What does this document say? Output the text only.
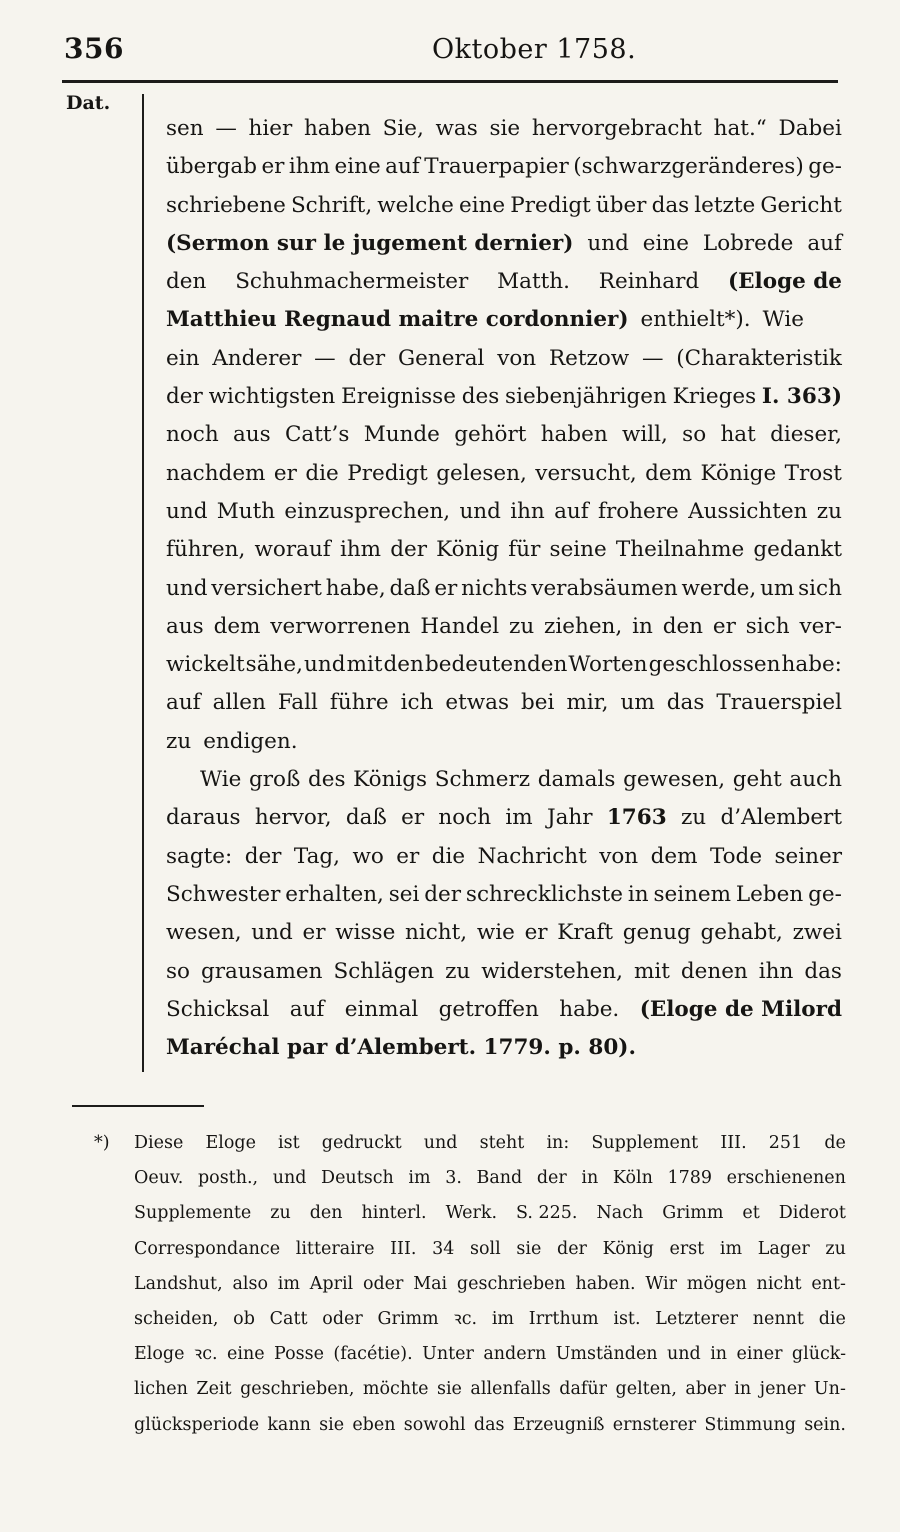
356	Oktober 1758.
Dat.
sen — hier haben Sie, was sie hervorgebracht hat.“ Dabei
übergab er ihm eine auf Trauerpapier (schwarzgeränderes) ge-
schriebene Schrift, welche eine Predigt über das letzte Gericht
(Sermon sur le jugement dernier) und eine Lobrede auf
den Schuhmachermeister Matth. Reinhard (Eloge de
Matthieu Regnaud maitre cordonnier) enthielt*). Wie
ein Anderer — der General von Retzow — (Charakteristik
der wichtigsten Ereignisse des siebenjährigen Krieges I. 363)
noch aus Catt’s Munde gehört haben will, so hat dieser,
nachdem er die Predigt gelesen, versucht, dem Könige Trost
und Muth einzusprechen, und ihn auf frohere Aussichten zu
führen, worauf ihm der König für seine Theilnahme gedankt
und versichert habe, daß er nichts verabsäumen werde, um sich
aus dem verworrenen Handel zu ziehen, in den er sich ver-
wickelt sähe, und mit den bedeutenden Worten geschlossen habe:
auf allen Fall führe ich etwas bei mir, um das Trauerspiel
zu endigen.
Wie groß des Königs Schmerz damals gewesen, geht auch
daraus hervor, daß er noch im Jahr 1763 zu d’Alembert
sagte: der Tag, wo er die Nachricht von dem Tode seiner
Schwester erhalten, sei der schrecklichste in seinem Leben ge-
wesen, und er wisse nicht, wie er Kraft genug gehabt, zwei
so grausamen Schlägen zu widerstehen, mit denen ihn das
Schicksal auf einmal getroffen habe. (Eloge de Milord
Maréchal par d’Alembert. 1779. p. 80).
*) Diese Eloge ist gedruckt und steht in: Supplement III. 251 de
Oeuv. posth., und Deutsch im 3. Band der in Köln 1789 erschienenen
Supplemente zu den hinterl. Werk. S. 225. Nach Grimm et Diderot
Correspondance litteraire III. 34 soll sie der König erst im Lager zu
Landshut, also im April oder Mai geschrieben haben. Wir mögen nicht ent-
scheiden, ob Catt oder Grimm ꝛc. im Irrthum ist. Letzterer nennt die
Eloge ꝛc. eine Posse (facétie). Unter andern Umständen und in einer glück-
lichen Zeit geschrieben, möchte sie allenfalls dafür gelten, aber in jener Un-
glücksperiode kann sie eben sowohl das Erzeugniß ernsterer Stimmung sein.
